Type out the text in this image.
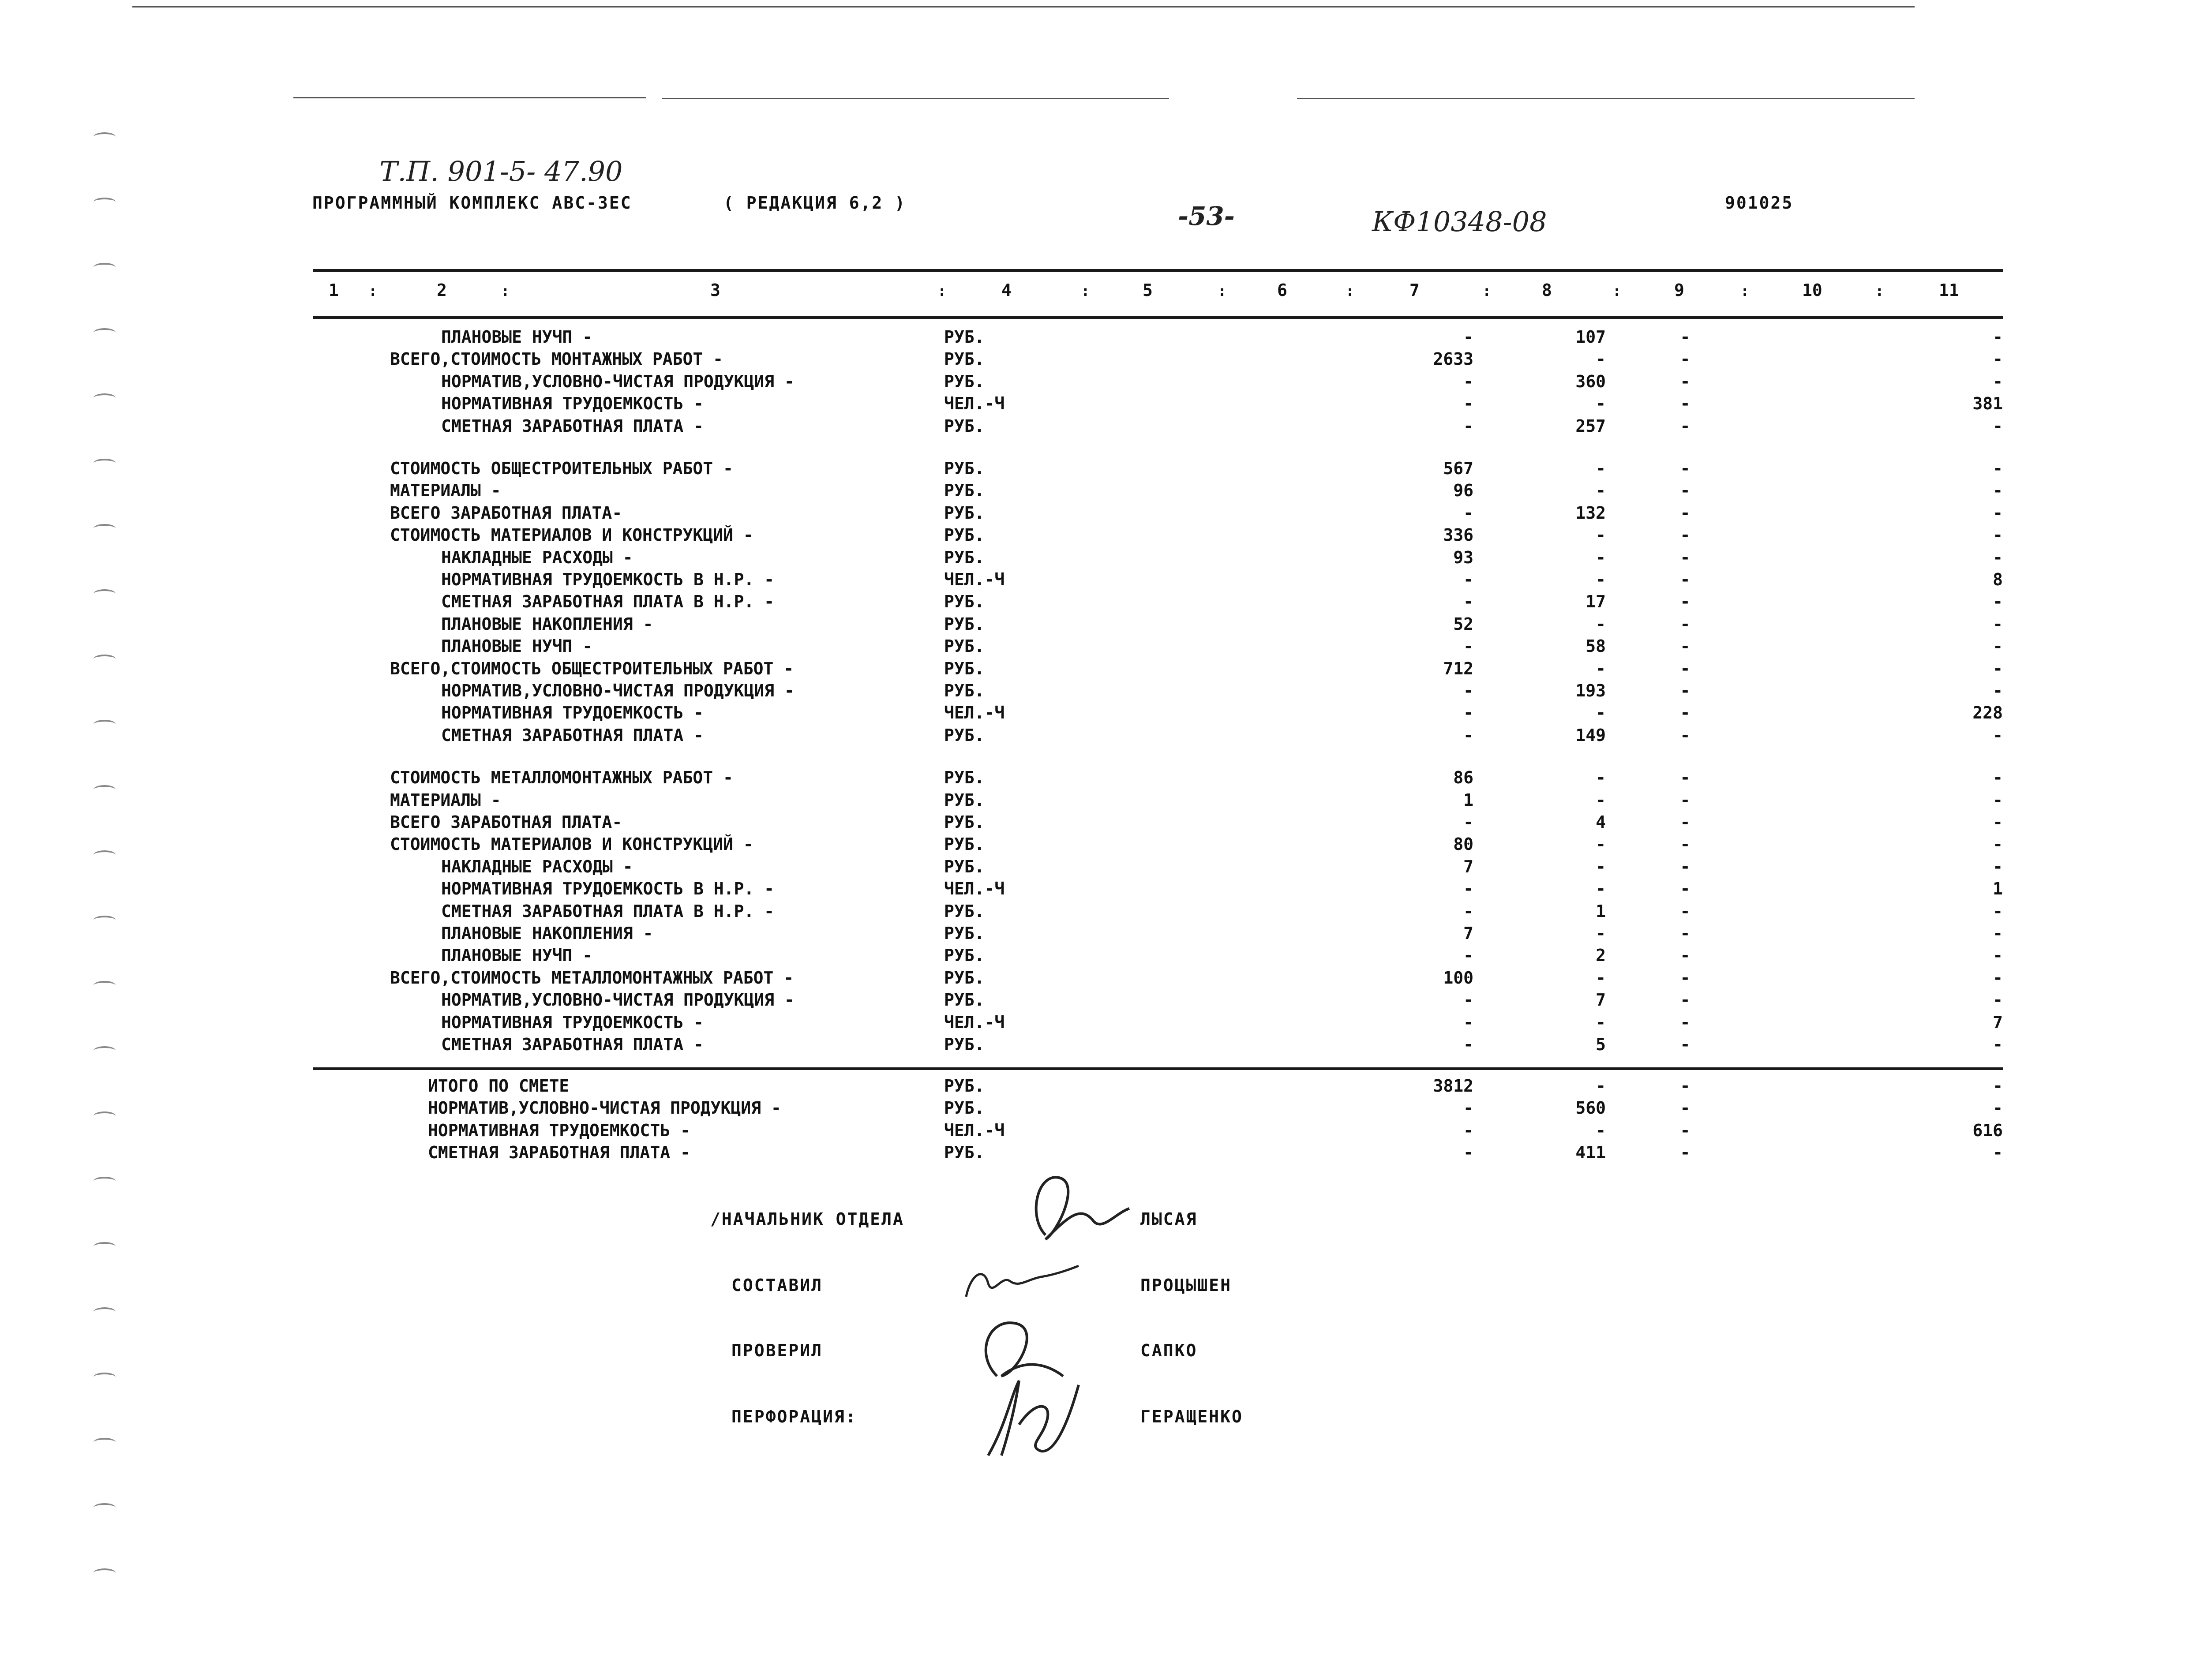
Т.П. 901-5- 47.90
ПРОГРАММНЫЙ КОМПЛЕКС АВС-ЗЕС	( РЕДАКЦИЯ 6,2 )	-53-	КФ10348-08
901025
1	2	3	4	5	6	7	8	9	10	11
:	:	:	:	:	:	:	:	:	:
ПЛАНОВЫЕ НУЧП -	РУБ.	-	107	-	-
ВСЕГО,СТОИМОСТЬ МОНТАЖНЫХ РАБОТ -	РУБ.	2633	-	-	-
НОРМАТИВ,УСЛОВНО-ЧИСТАЯ ПРОДУКЦИЯ -	РУБ.	-	360	-	-
НОРМАТИВНАЯ ТРУДОЕМКОСТЬ -	ЧЕЛ.-Ч	-	-	-	381
СМЕТНАЯ ЗАРАБОТНАЯ ПЛАТА -	РУБ.	-	257	-	-
СТОИМОСТЬ ОБЩЕСТРОИТЕЛЬНЫХ РАБОТ -	РУБ.	567	-	-	-
МАТЕРИАЛЫ -	РУБ.	96	-	-	-
ВСЕГО ЗАРАБОТНАЯ ПЛАТА-	РУБ.	-	132	-	-
СТОИМОСТЬ МАТЕРИАЛОВ И КОНСТРУКЦИЙ -	РУБ.	336	-	-	-
НАКЛАДНЫЕ РАСХОДЫ -	РУБ.	93	-	-	-
НОРМАТИВНАЯ ТРУДОЕМКОСТЬ В Н.Р. -	ЧЕЛ.-Ч	-	-	-	8
СМЕТНАЯ ЗАРАБОТНАЯ ПЛАТА В Н.Р. -	РУБ.	-	17	-	-
ПЛАНОВЫЕ НАКОПЛЕНИЯ -	РУБ.	52	-	-	-
ПЛАНОВЫЕ НУЧП -	РУБ.	-	58	-	-
ВСЕГО,СТОИМОСТЬ ОБЩЕСТРОИТЕЛЬНЫХ РАБОТ -	РУБ.	712	-	-	-
НОРМАТИВ,УСЛОВНО-ЧИСТАЯ ПРОДУКЦИЯ -	РУБ.	-	193	-	-
НОРМАТИВНАЯ ТРУДОЕМКОСТЬ -	ЧЕЛ.-Ч	-	-	-	228
СМЕТНАЯ ЗАРАБОТНАЯ ПЛАТА -	РУБ.	-	149	-	-
СТОИМОСТЬ МЕТАЛЛОМОНТАЖНЫХ РАБОТ -	РУБ.	86	-	-	-
МАТЕРИАЛЫ -	РУБ.	1	-	-	-
ВСЕГО ЗАРАБОТНАЯ ПЛАТА-	РУБ.	-	4	-	-
СТОИМОСТЬ МАТЕРИАЛОВ И КОНСТРУКЦИЙ -	РУБ.	80	-	-	-
НАКЛАДНЫЕ РАСХОДЫ -	РУБ.	7	-	-	-
НОРМАТИВНАЯ ТРУДОЕМКОСТЬ В Н.Р. -	ЧЕЛ.-Ч	-	-	-	1
СМЕТНАЯ ЗАРАБОТНАЯ ПЛАТА В Н.Р. -	РУБ.	-	1	-	-
ПЛАНОВЫЕ НАКОПЛЕНИЯ -	РУБ.	7	-	-	-
ПЛАНОВЫЕ НУЧП -	РУБ.	-	2	-	-
ВСЕГО,СТОИМОСТЬ МЕТАЛЛОМОНТАЖНЫХ РАБОТ -	РУБ.	100	-	-	-
НОРМАТИВ,УСЛОВНО-ЧИСТАЯ ПРОДУКЦИЯ -	РУБ.	-	7	-	-
НОРМАТИВНАЯ ТРУДОЕМКОСТЬ -	ЧЕЛ.-Ч	-	-	-	7
СМЕТНАЯ ЗАРАБОТНАЯ ПЛАТА -	РУБ.	-	5	-	-
ИТОГО ПО СМЕТЕ	РУБ.	3812	-	-	-
НОРМАТИВ,УСЛОВНО-ЧИСТАЯ ПРОДУКЦИЯ -	РУБ.	-	560	-	-
НОРМАТИВНАЯ ТРУДОЕМКОСТЬ -	ЧЕЛ.-Ч	-	-	-	616
СМЕТНАЯ ЗАРАБОТНАЯ ПЛАТА -	РУБ.	-	411	-	-
/НАЧАЛЬНИК ОТДЕЛА	ЛЫСАЯ
СОСТАВИЛ	ПРОЦЫШЕН
ПРОВЕРИЛ	САПКО
ПЕРФОРАЦИЯ:	ГЕРАЩЕНКО
